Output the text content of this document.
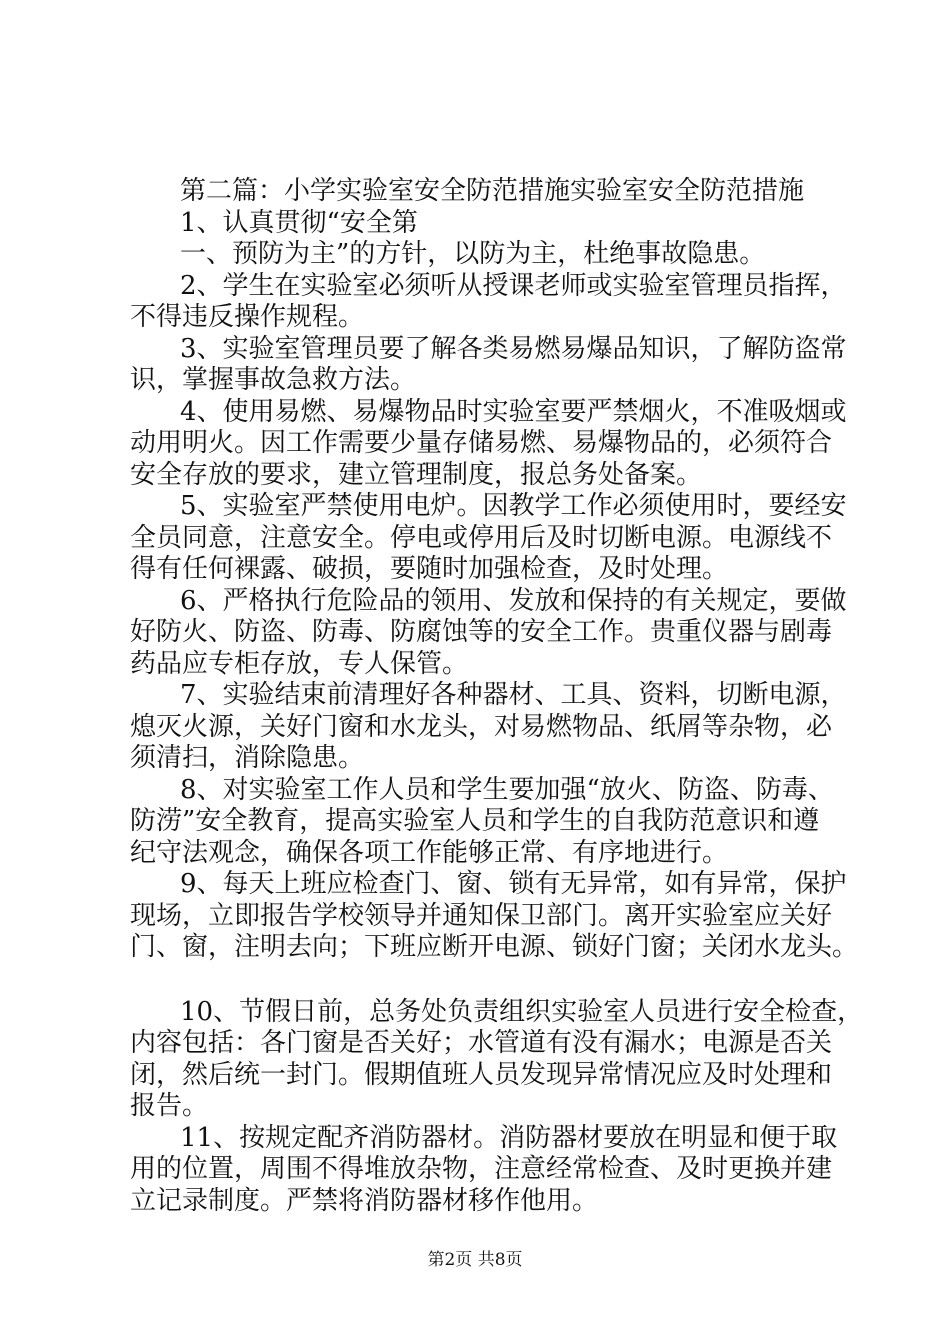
第二篇：小学实验室安全防范措施实验室安全防范措施
1、认真贯彻“安全第
一、预防为主”的方针，以防为主，杜绝事故隐患。
2、学生在实验室必须听从授课老师或实验室管理员指挥，
不得违反操作规程。
3、实验室管理员要了解各类易燃易爆品知识，了解防盗常
识，掌握事故急救方法。
4、使用易燃、易爆物品时实验室要严禁烟火，不准吸烟或
动用明火。因工作需要少量存储易燃、易爆物品的，必须符合
安全存放的要求，建立管理制度，报总务处备案。
5、实验室严禁使用电炉。因教学工作必须使用时，要经安
全员同意，注意安全。停电或停用后及时切断电源。电源线不
得有任何裸露、破损，要随时加强检查，及时处理。
6、严格执行危险品的领用、发放和保持的有关规定，要做
好防火、防盗、防毒、防腐蚀等的安全工作。贵重仪器与剧毒
药品应专柜存放，专人保管。
7、实验结束前清理好各种器材、工具、资料，切断电源，
熄灭火源，关好门窗和水龙头，对易燃物品、纸屑等杂物，必
须清扫，消除隐患。
8、对实验室工作人员和学生要加强“放火、防盗、防毒、
防涝”安全教育，提高实验室人员和学生的自我防范意识和遵
纪守法观念，确保各项工作能够正常、有序地进行。
9、每天上班应检查门、窗、锁有无异常，如有异常，保护
现场，立即报告学校领导并通知保卫部门。离开实验室应关好
门、窗，注明去向；下班应断开电源、锁好门窗；关闭水龙头。
10、节假日前，总务处负责组织实验室人员进行安全检查，
内容包括：各门窗是否关好；水管道有没有漏水；电源是否关
闭，然后统一封门。假期值班人员发现异常情况应及时处理和
报告。
11、按规定配齐消防器材。消防器材要放在明显和便于取
用的位置，周围不得堆放杂物，注意经常检查、及时更换并建
立记录制度。严禁将消防器材移作他用。
第2页 共8页
